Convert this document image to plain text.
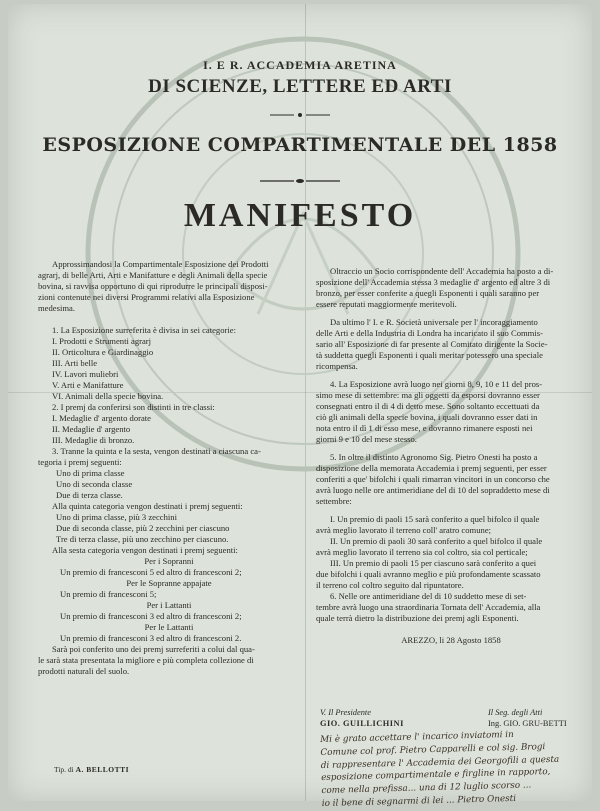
I. E R. ACCADEMIA ARETINA
DI SCIENZE, LETTERE ED ARTI
ESPOSIZIONE COMPARTIMENTALE DEL 1858
MANIFESTO

Approssimandosi la Compartimentale Esposizione dei Prodotti

agrarj, di belle Arti, Arti e Manifatture e degli Animali della specie

bovina, si ravvisa opportuno di qui riprodurre le principali disposi-

zioni contenute nei diversi Programmi relativi alla Esposizione

medesima.

1. La Esposizione surreferita è divisa in sei categorie:

I. Prodotti e Strumenti agrarj

II. Orticoltura e Giardinaggio

III. Arti belle

IV. Lavori muliebri

V. Arti e Manifatture

VI. Animali della specie bovina.

2. I premj da conferirsi son distinti in tre classi:

I. Medaglie d' argento dorate

II. Medaglie d' argento

III. Medaglie di bronzo.

3. Tranne la quinta e la sesta, vengon destinati a ciascuna ca-

tegoria i premj seguenti:

Uno di prima classe

Uno di seconda classe

Due di terza classe.

Alla quinta categoria vengon destinati i premj seguenti:

Uno di prima classe, più 3 zecchini

Due di seconda classe, più 2 zecchini per ciascuno

Tre di terza classe, più uno zecchino per ciascuno.

Alla sesta categoria vengon destinati i premj seguenti:

Per i Sopranni

Un premio di francesconi 5 ed altro di francesconi 2;

Per le Sopranne appajate

Un premio di francesconi 5;

Per i Lattanti

Un premio di francesconi 3 ed altro di francesconi 2;

Per le Lattanti

Un premio di francesconi 3 ed altro di francesconi 2.

Sarà poi conferito uno dei premj surreferiti a colui dal qua-

le sarà stata presentata la migliore e più completa collezione di

prodotti naturali del suolo.

Oltraccio un Socio corrispondente dell' Accademia ha posto a di-

sposizione dell' Accademia stessa 3 medaglie d' argento ed altre 3 di

bronzo, per esser conferite a quegli Esponenti i quali saranno per

essere reputati maggiormente meritevoli.

Da ultimo l' I. e R. Società universale per l' incoraggiamento

delle Arti e della Industria di Londra ha incaricato il suo Commis-

sario all' Esposizione di far presente al Comitato dirigente la Socie-

tà suddetta quegli Esponenti i quali meritar potessero una speciale

ricompensa.

4. La Esposizione avrà luogo nei giorni 8, 9, 10 e 11 del pros-

simo mese di settembre: ma gli oggetti da esporsi dovranno esser

consegnati entro il di 4 di detto mese. Sono soltanto eccettuati da

ciò gli animali della specie bovina, i quali dovranno esser dati in

nota entro il dì 1 di esso mese, e dovranno rimanere esposti nei

giorni 9 e 10 del mese stesso.

5. In oltre il distinto Agronomo Sig. Pietro Onesti ha posto a

disposizione della memorata Accademia i premj seguenti, per esser

conferiti a que' bifolchi i quali rimarran vincitori in un concorso che

avrà luogo nelle ore antimeridiane del di 10 del sopraddetto mese di

settembre:

I. Un premio di paoli 15 sarà conferito a quel bifolco il quale

avrà meglio lavorato il terreno coll' aratro comune;

II. Un premio di paoli 30 sarà conferito a quel bifolco il quale

avrà meglio lavorato il terreno sia col coltro, sia col perticale;

III. Un premio di paoli 15 per ciascuno sarà conferito a quei

due bifolchi i quali avranno meglio e più profondamente scassato

il terreno col coltro seguito dal ripuntatore.

6. Nelle ore antimeridiane del di 10 suddetto mese di set-

tembre avrà luogo una straordinaria Tornata dell' Accademia, alla

quale terrà dietro la distribuzione dei premj agli Esponenti.

AREZZO, li 28 Agosto 1858

V. Il Presidente
GIO. GUILLICHINI
Il Seg. degli Atti
Ing. GIO. GRU-BETTI

Mi è grato accettare l' incarico inviatomi in

Comune col prof. Pietro Capparelli e col sig. Brogi

di rappresentare l' Accademia dei Georgofili a questa

esposizione compartimentale e firgline in rapporto,

come nella prefissa... una di 12 luglio scorso ...

io il bene di segnarmi di lei ... Pietro Onesti

Tip. di A. BELLOTTI
